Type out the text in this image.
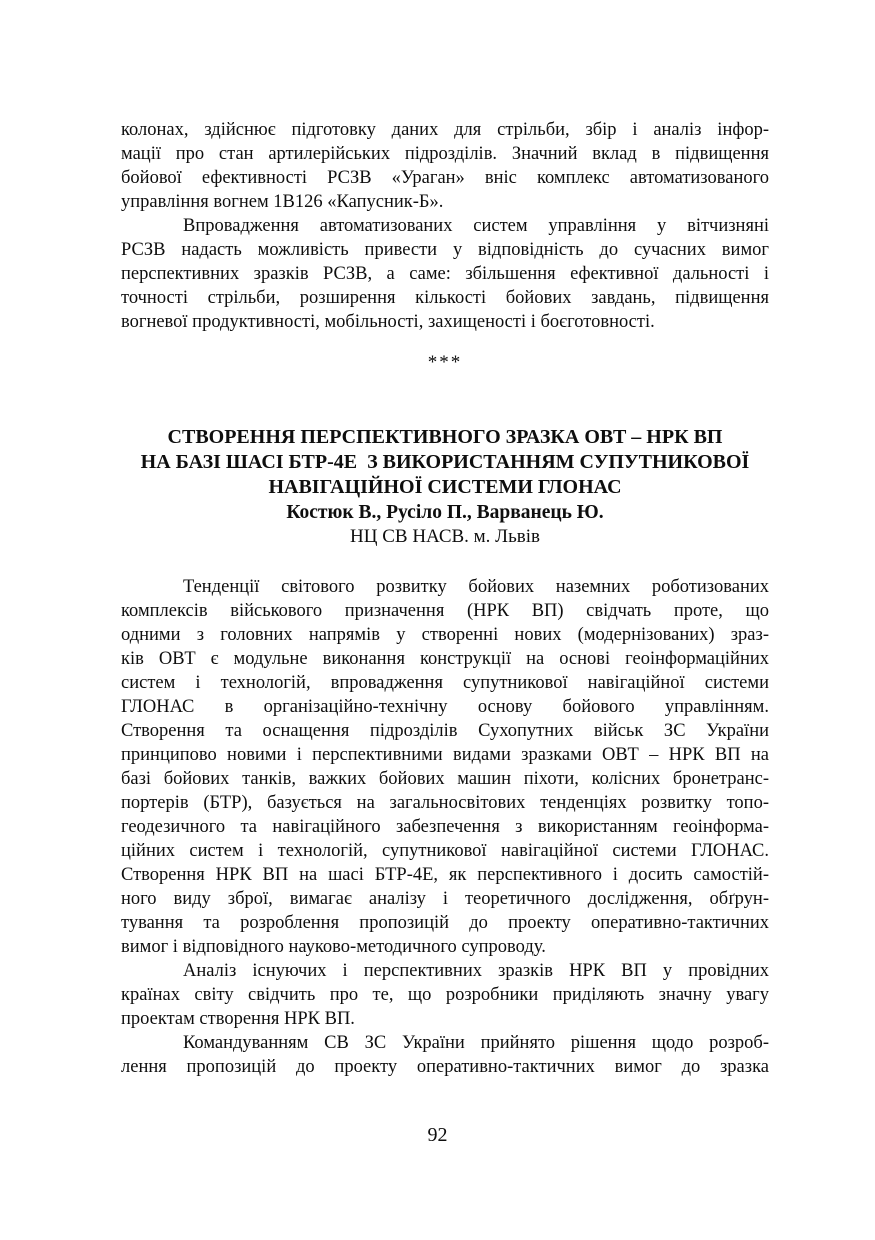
колонах, здійснює підготовку даних для стрільби, збір і аналіз інфор-
мації про стан артилерійських підрозділів. Значний вклад в підвищення
бойової ефективності РСЗВ «Ураган» вніс комплекс автоматизованого
управління вогнем 1В126 «Капусник-Б».
Впровадження автоматизованих систем управління у вітчизняні
РСЗВ надасть можливість привести у відповідність до сучасних вимог
перспективних зразків РСЗВ, а саме: збільшення ефективної дальності і
точності стрільби, розширення кількості бойових завдань, підвищення
вогневої продуктивності, мобільності, захищеності і боєготовності.
***
СТВОРЕННЯ ПЕРСПЕКТИВНОГО ЗРАЗКА ОВТ – НРК ВП
НА БАЗІ ШАСІ БТР-4Е  З ВИКОРИСТАННЯМ СУПУТНИКОВОЇ
НАВІГАЦІЙНОЇ СИСТЕМИ ГЛОНАС
Костюк В., Русіло П., Варванець Ю.
НЦ СВ НАСВ. м. Львів
Тенденції світового розвитку бойових наземних роботизованих
комплексів військового призначення (НРК ВП) свідчать проте, що
одними з головних напрямів у створенні нових (модернізованих) зраз-
ків ОВТ є модульне виконання конструкції на основі геоінформаційних
систем і технологій, впровадження супутникової навігаційної системи
ГЛОНАС в організаційно-технічну основу бойового управлінням.
Створення та оснащення підрозділів Сухопутних військ ЗС України
принципово новими і перспективними видами зразками ОВТ – НРК ВП на
базі бойових танків, важких бойових машин піхоти, колісних бронетранс-
портерів (БТР), базується на загальносвітових тенденціях розвитку топо-
геодезичного та навігаційного забезпечення з використанням геоінформа-
ційних систем і технологій, супутникової навігаційної системи ГЛОНАС.
Створення НРК ВП на шасі БТР-4Е, як перспективного і досить самостій-
ного виду зброї, вимагає аналізу і теоретичного дослідження, обґрун-
тування та розроблення пропозицій до проекту оперативно-тактичних
вимог і відповідного науково-методичного супроводу.
Аналіз існуючих і перспективних зразків НРК ВП у провідних
країнах світу свідчить про те, що розробники приділяють значну увагу
проектам створення НРК ВП.
Командуванням СВ ЗС України прийнято рішення щодо розроб-
лення пропозицій до проекту оперативно-тактичних вимог до зразка
92
